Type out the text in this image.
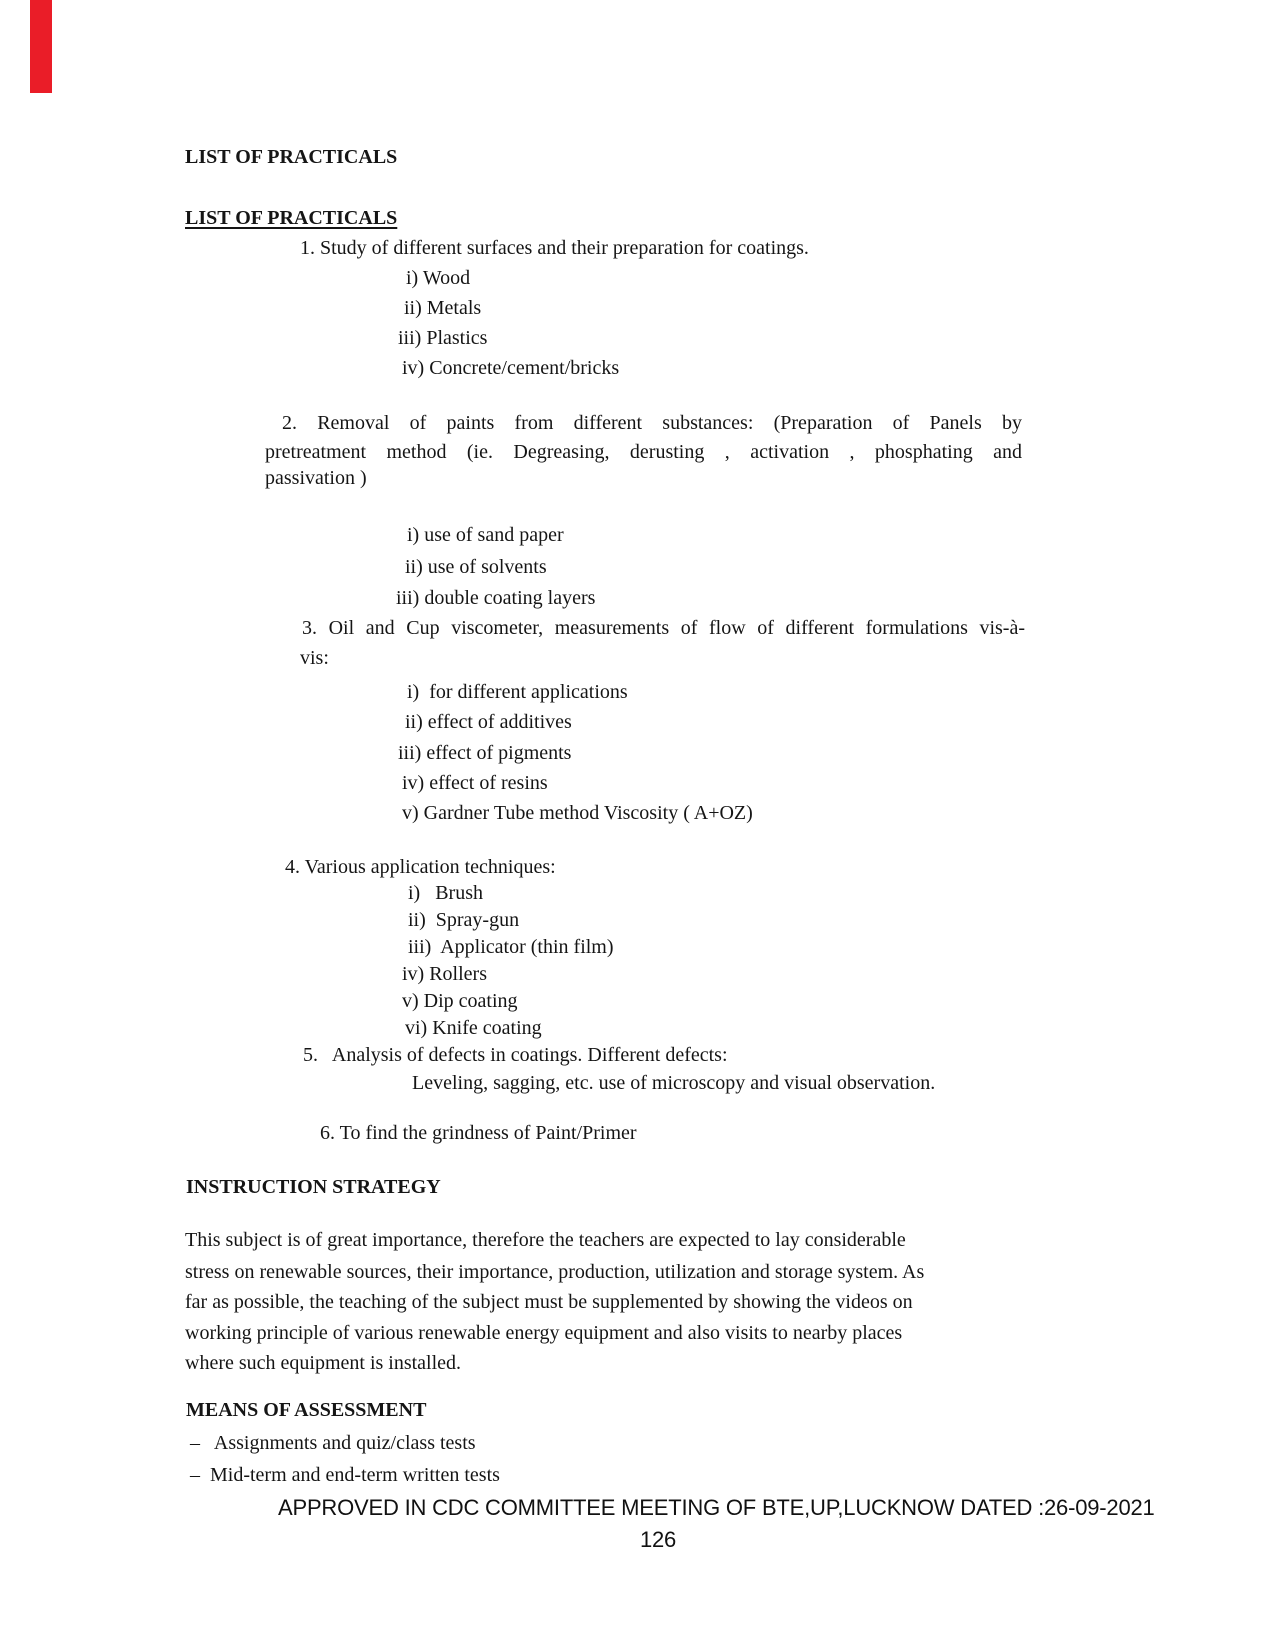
LIST OF PRACTICALS
LIST OF PRACTICALS
1. Study of different surfaces and their preparation for coatings.
i) Wood
ii) Metals
iii) Plastics
iv) Concrete/cement/bricks
2. Removal of paints from different substances: (Preparation of Panels by
pretreatment method (ie. Degreasing, derusting , activation , phosphating and
passivation )
i) use of sand paper
ii) use of solvents
iii) double coating layers
3. Oil and Cup viscometer, measurements of flow of different formulations vis-à-
vis:
i)  for different applications
ii) effect of additives
iii) effect of pigments
iv) effect of resins
v) Gardner Tube method Viscosity ( A+OZ)
4. Various application techniques:
i)   Brush
ii)  Spray-gun
iii)  Applicator (thin film)
iv) Rollers
v) Dip coating
vi) Knife coating
5.   Analysis of defects in coatings. Different defects:
Leveling, sagging, etc. use of microscopy and visual observation.
6. To find the grindness of Paint/Primer
INSTRUCTION STRATEGY
This subject is of great importance, therefore the teachers are expected to lay considerable
stress on renewable sources, their importance, production, utilization and storage system. As
far as possible, the teaching of the subject must be supplemented by showing the videos on
working principle of various renewable energy equipment and also visits to nearby places
where such equipment is installed.
MEANS OF ASSESSMENT
–   Assignments and quiz/class tests
–  Mid-term and end-term written tests
APPROVED IN CDC COMMITTEE MEETING OF BTE,UP,LUCKNOW DATED :26-09-2021
126
